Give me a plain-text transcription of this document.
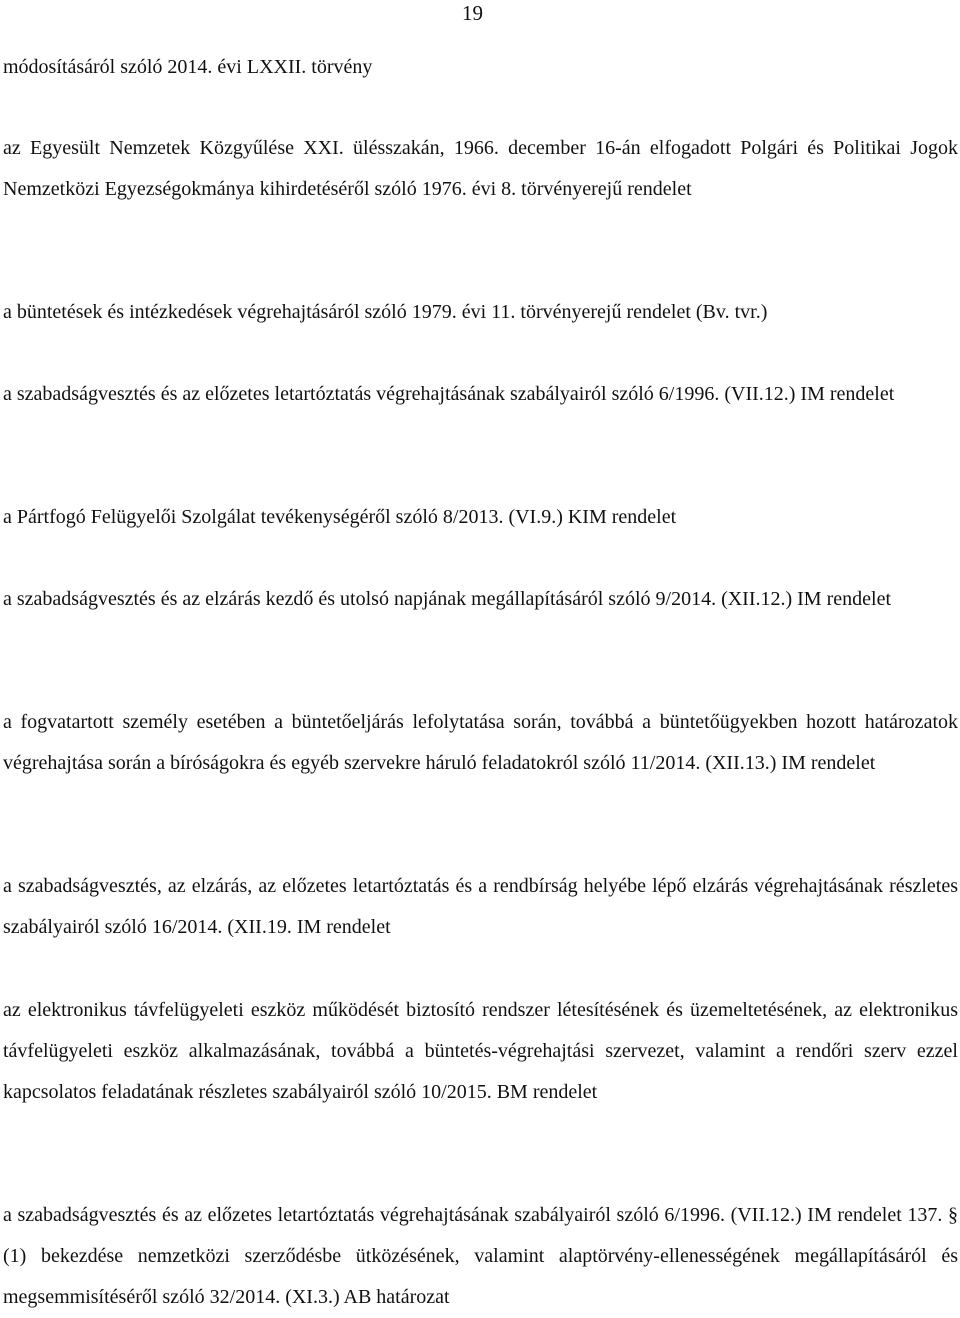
19
módosításáról szóló 2014. évi LXXII. törvény
az Egyesült Nemzetek Közgyűlése XXI. ülésszakán, 1966. december 16-án elfogadott Polgári és Politikai Jogok Nemzetközi Egyezségokmánya kihirdetéséről szóló 1976. évi 8. törvényerejű rendelet
a büntetések és intézkedések végrehajtásáról szóló 1979. évi 11. törvényerejű rendelet (Bv. tvr.)
a szabadságvesztés és az előzetes letartóztatás végrehajtásának szabályairól szóló 6/1996. (VII.12.) IM rendelet
a Pártfogó Felügyelői Szolgálat tevékenységéről szóló 8/2013. (VI.9.) KIM rendelet
a szabadságvesztés és az elzárás kezdő és utolsó napjának megállapításáról szóló 9/2014. (XII.12.) IM rendelet
a fogvatartott személy esetében a büntetőeljárás lefolytatása során, továbbá a büntetőügyekben hozott határozatok végrehajtása során a bíróságokra és egyéb szervekre háruló feladatokról szóló 11/2014. (XII.13.) IM rendelet
a szabadságvesztés, az elzárás, az előzetes letartóztatás és a rendbírság helyébe lépő elzárás végrehajtásának részletes szabályairól szóló 16/2014. (XII.19. IM rendelet
az elektronikus távfelügyeleti eszköz működését biztosító rendszer létesítésének és üzemeltetésének, az elektronikus távfelügyeleti eszköz alkalmazásának, továbbá a büntetés-végrehajtási szervezet, valamint a rendőri szerv ezzel kapcsolatos feladatának részletes szabályairól szóló 10/2015. BM rendelet
a szabadságvesztés és az előzetes letartóztatás végrehajtásának szabályairól szóló 6/1996. (VII.12.) IM rendelet 137. § (1) bekezdése nemzetközi szerződésbe ütközésének, valamint alaptörvény-ellenességének megállapításáról és megsemmisítéséről szóló 32/2014. (XI.3.) AB határozat
